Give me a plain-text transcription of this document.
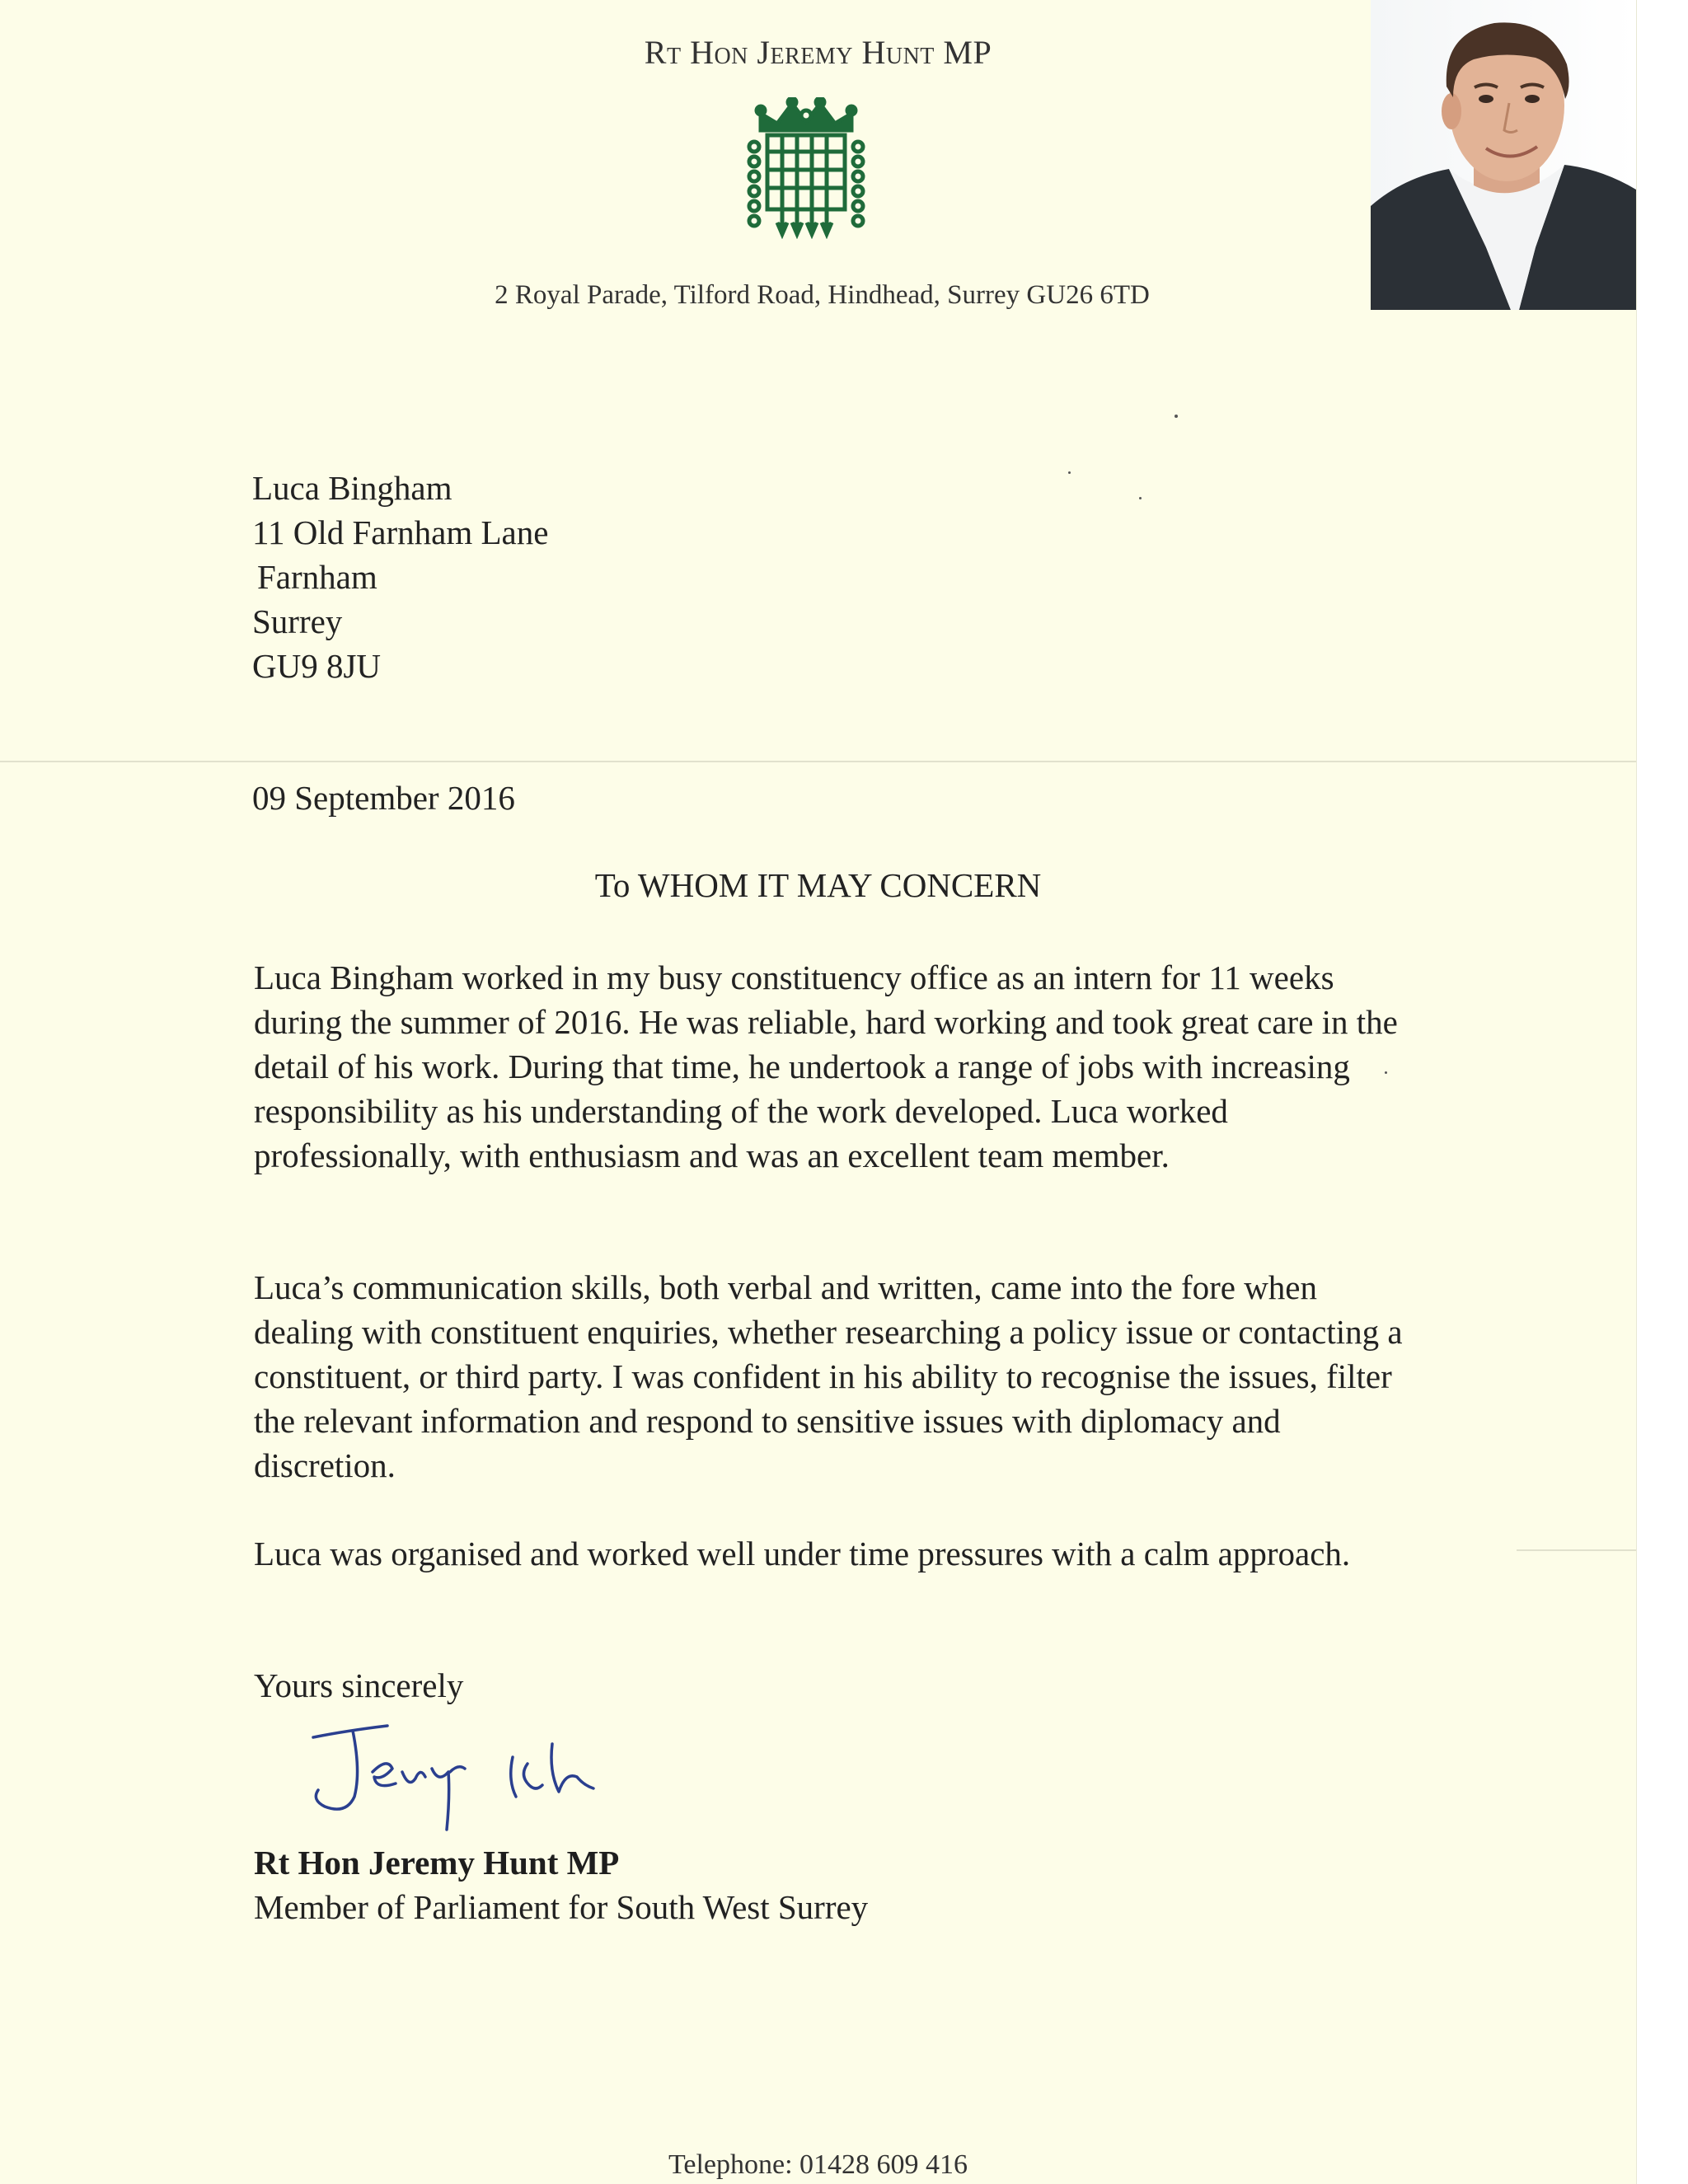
Rt Hon Jeremy Hunt MP
2 Royal Parade, Tilford Road, Hindhead, Surrey GU26 6TD
Luca Bingham
11 Old Farnham Lane
Farnham
Surrey
GU9 8JU
09 September 2016
To WHOM IT MAY CONCERN
Luca Bingham worked in my busy constituency office as an intern for 11 weeks during the summer of 2016. He was reliable, hard working and took great care in the detail of his work. During that time, he undertook a range of jobs with increasing responsibility as his understanding of the work developed. Luca worked professionally, with enthusiasm and was an excellent team member.
Luca’s communication skills, both verbal and written, came into the fore when dealing with constituent enquiries, whether researching a policy issue or contacting a constituent, or third party. I was confident in his ability to recognise the issues, filter the relevant information and respond to sensitive issues with diplomacy and discretion.
Luca was organised and worked well under time pressures with a calm approach.
Yours sincerely
Rt Hon Jeremy Hunt MP
Member of Parliament for South West Surrey
Telephone: 01428 609 416
